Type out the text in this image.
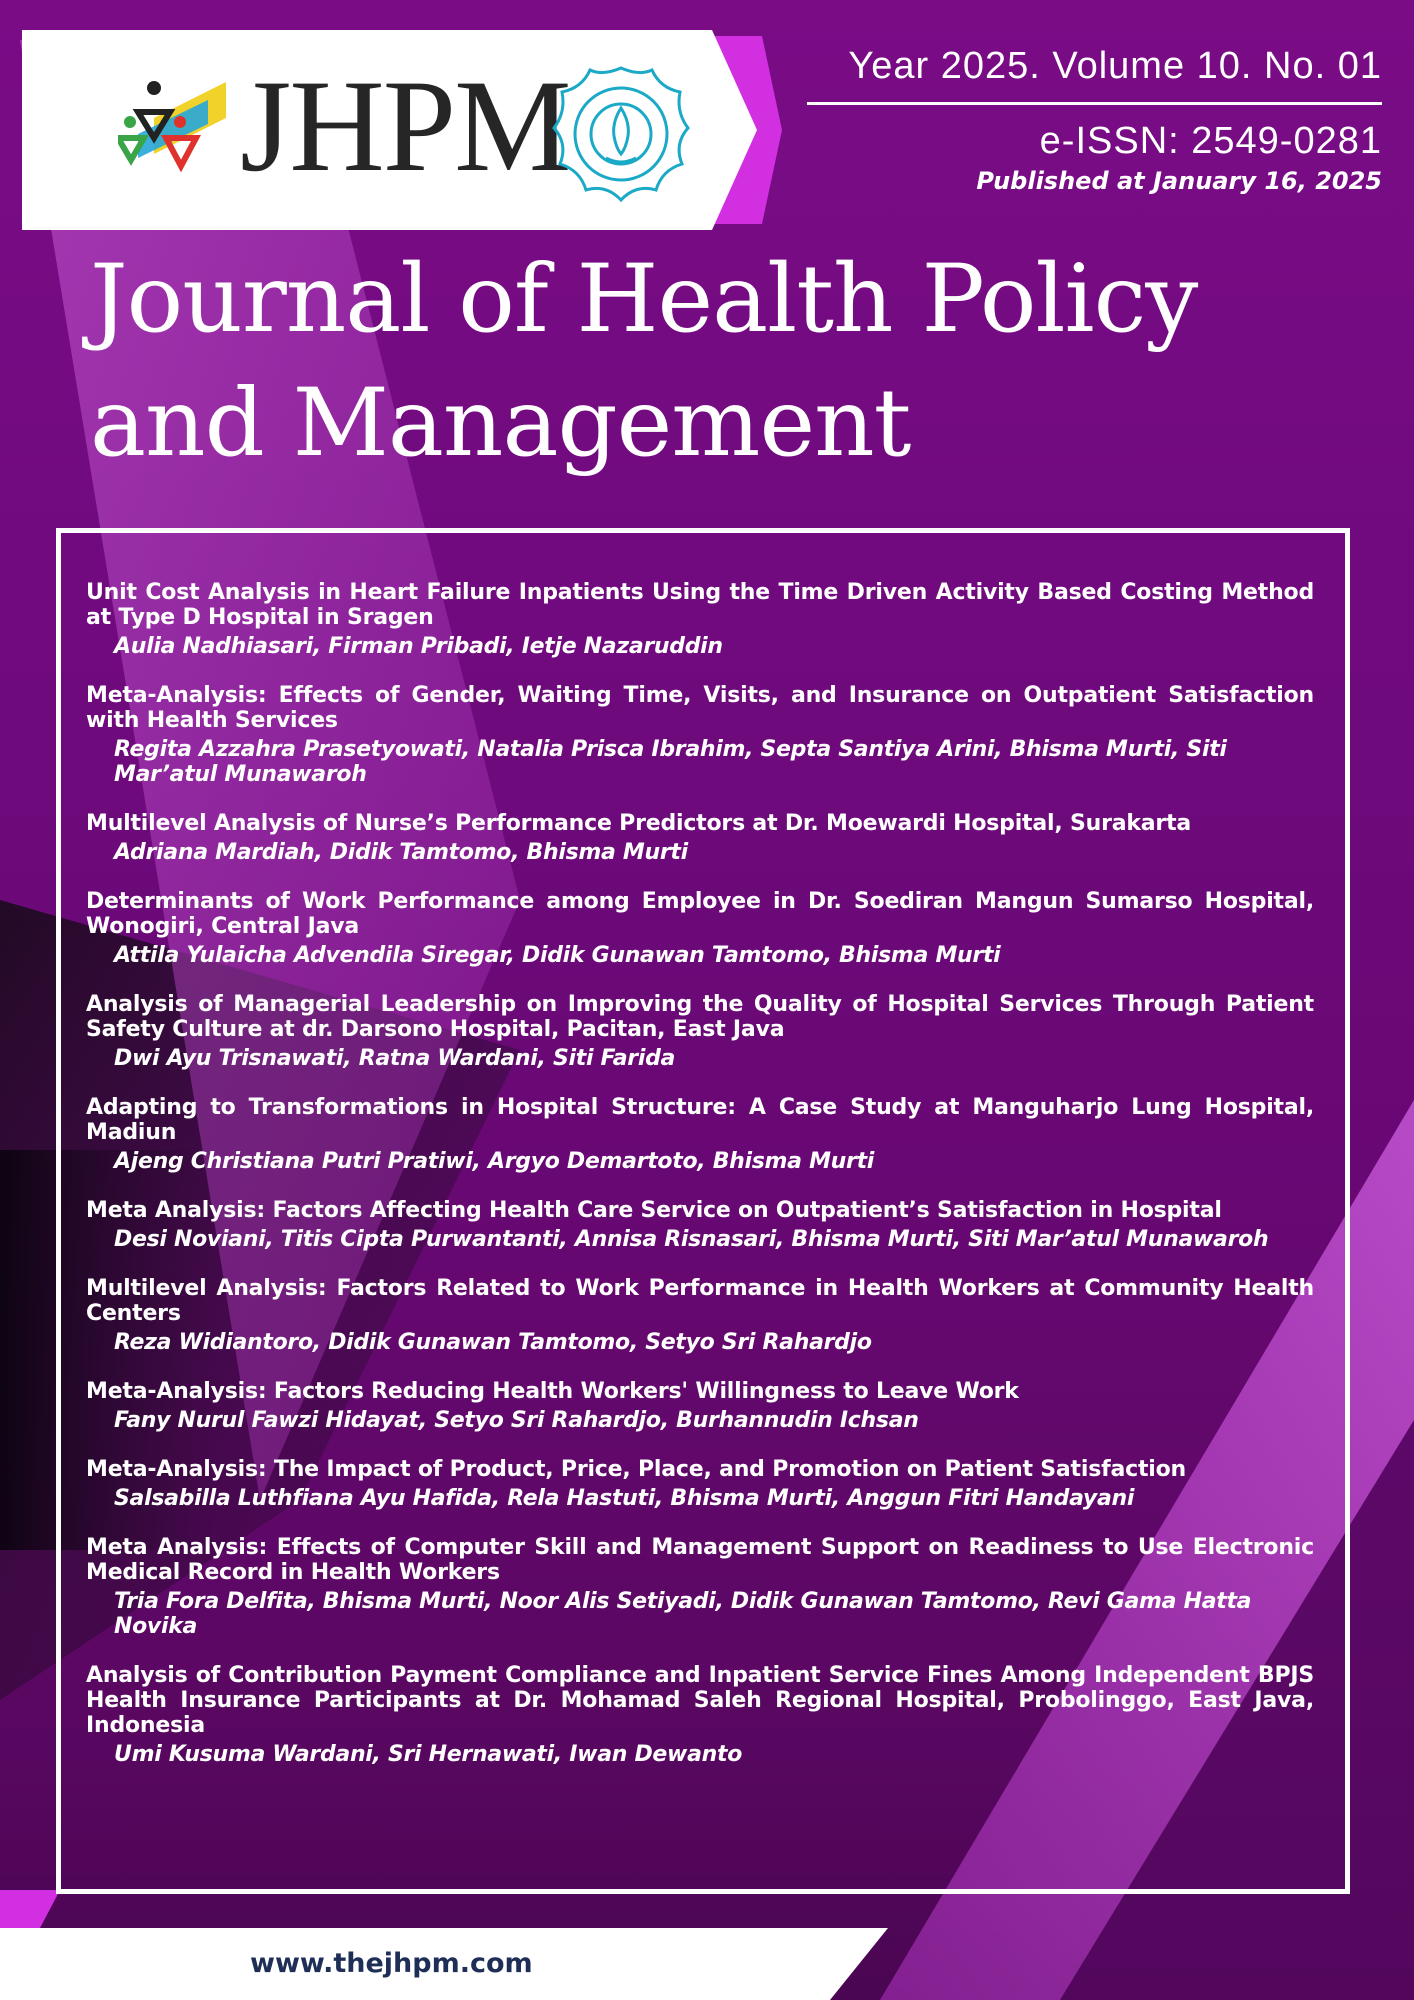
JHPM	Year 2025. Volume 10. No. 01
e-ISSN: 2549-0281
Published at January 16, 2025
Journal of Health Policy
and Management
Unit Cost Analysis in Heart Failure Inpatients Using the Time Driven Activity Based Costing Method at Type D Hospital in Sragen
Aulia Nadhiasari, Firman Pribadi, Ietje Nazaruddin
Meta-Analysis: Effects of Gender, Waiting Time, Visits, and Insurance on Outpatient Satisfaction with Health Services
Regita Azzahra Prasetyowati, Natalia Prisca Ibrahim, Septa Santiya Arini, Bhisma Murti, Siti Mar’atul Munawaroh
Multilevel Analysis of Nurse’s Performance Predictors at Dr. Moewardi Hospital, Surakarta
Adriana Mardiah, Didik Tamtomo, Bhisma Murti
Determinants of Work Performance among Employee in Dr. Soediran Mangun Sumarso Hospital, Wonogiri, Central Java
Attila Yulaicha Advendila Siregar, Didik Gunawan Tamtomo, Bhisma Murti
Analysis of Managerial Leadership on Improving the Quality of Hospital Services Through Patient Safety Culture at dr. Darsono Hospital, Pacitan, East Java
Dwi Ayu Trisnawati, Ratna Wardani, Siti Farida
Adapting to Transformations in Hospital Structure: A Case Study at Manguharjo Lung Hospital, Madiun
Ajeng Christiana Putri Pratiwi, Argyo Demartoto, Bhisma Murti
Meta Analysis: Factors Affecting Health Care Service on Outpatient’s Satisfaction in Hospital
Desi Noviani, Titis Cipta Purwantanti, Annisa Risnasari, Bhisma Murti, Siti Mar’atul Munawaroh
Multilevel Analysis: Factors Related to Work Performance in Health Workers at Community Health Centers
Reza Widiantoro, Didik Gunawan Tamtomo, Setyo Sri Rahardjo
Meta-Analysis: Factors Reducing Health Workers' Willingness to Leave Work
Fany Nurul Fawzi Hidayat, Setyo Sri Rahardjo, Burhannudin Ichsan
Meta-Analysis: The Impact of Product, Price, Place, and Promotion on Patient Satisfaction
Salsabilla Luthfiana Ayu Hafida, Rela Hastuti, Bhisma Murti, Anggun Fitri Handayani
Meta Analysis: Effects of Computer Skill and Management Support on Readiness to Use Electronic Medical Record in Health Workers
Tria Fora Delfita, Bhisma Murti, Noor Alis Setiyadi, Didik Gunawan Tamtomo, Revi Gama Hatta Novika
Analysis of Contribution Payment Compliance and Inpatient Service Fines Among Independent BPJS Health Insurance Participants at Dr. Mohamad Saleh Regional Hospital, Probolinggo, East Java, Indonesia
Umi Kusuma Wardani, Sri Hernawati, Iwan Dewanto
www.thejhpm.com
